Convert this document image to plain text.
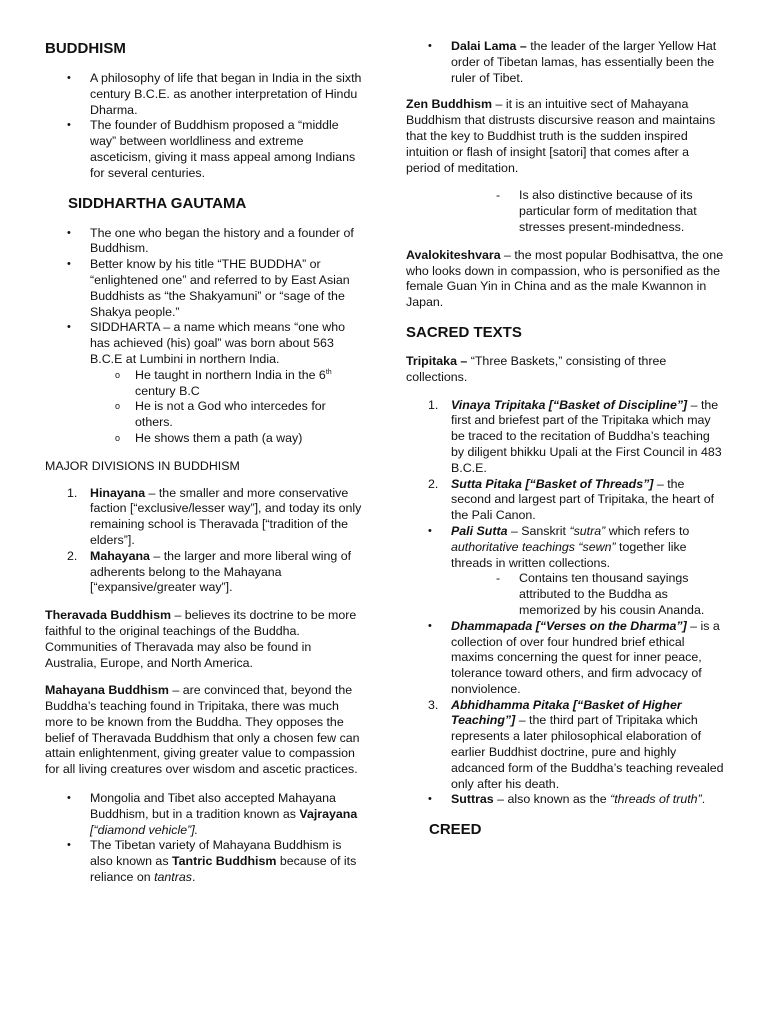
BUDDHISM
• A philosophy of life that began in India in the sixth century B.C.E. as another interpretation of Hindu Dharma.
• The founder of Buddhism proposed a “middle way” between worldliness and extreme asceticism, giving it mass appeal among Indians for several centuries.
SIDDHARTHA GAUTAMA
• The one who began the history and a founder of Buddhism.
• Better know by his title “THE BUDDHA” or “enlightened one” and referred to by East Asian Buddhists as “the Shakyamuni” or “sage of the Shakya people.”
• SIDDHARTA – a name which means “one who has achieved (his) goal” was born about 563 B.C.E at Lumbini in northern India.
o He taught in northern India in the 6th
century B.C
o He is not a God who intercedes for others.
o He shows them a path (a way)

MAJOR DIVISIONS IN BUDDHISM

1. Hinayana – the smaller and more conservative faction [“exclusive/lesser way”], and today its only remaining school is Theravada [“tradition of the elders”].
2. Mahayana – the larger and more liberal wing of adherents belong to the Mahayana [“expansive/greater way”].

Theravada Buddhism – believes its doctrine to be more faithful to the original teachings of the Buddha. Communities of Theravada may also be found in Australia, Europe, and North America.

Mahayana Buddhism – are convinced that, beyond the Buddha’s teaching found in Tripitaka, there was much more to be known from the Buddha. They opposes the belief of Theravada Buddhism that only a chosen few can attain enlightenment, giving greater value to compassion for all living creatures over wisdom and ascetic practices.

• Mongolia and Tibet also accepted Mahayana Buddhism, but in a tradition known as Vajrayana [“diamond vehicle”].
• The Tibetan variety of Mahayana Buddhism is also known as Tantric Buddhism because of its reliance on tantras.
• Dalai Lama – the leader of the larger Yellow Hat order of Tibetan lamas, has essentially been the ruler of Tibet.

Zen Buddhism – it is an intuitive sect of Mahayana Buddhism that distrusts discursive reason and maintains that the key to Buddhist truth is the sudden inspired intuition or flash of insight [satori] that comes after a period of meditation.

- Is also distinctive because of its particular form of meditation that stresses present-mindedness.

Avalokiteshvara – the most popular Bodhisattva, the one who looks down in compassion, who is personified as the female Guan Yin in China and as the male Kwannon in Japan.

SACRED TEXTS

Tripitaka – “Three Baskets,” consisting of three collections.

1. Vinaya Tripitaka [“Basket of Discipline”] – the first and briefest part of the Tripitaka which may be traced to the recitation of Buddha’s teaching by diligent bhikku Upali at the First Council in 483 B.C.E.
2. Sutta Pitaka [“Basket of Threads”] – the second and largest part of Tripitaka, the heart of the Pali Canon.
• Pali Sutta – Sanskrit “sutra” which refers to authoritative teachings “sewn” together like threads in written collections.

- Contains ten thousand sayings attributed to the Buddha as memorized by his cousin Ananda.

• Dhammapada [“Verses on the Dharma”] – is a collection of over four hundred brief ethical maxims concerning the quest for inner peace, tolerance toward others, and firm advocacy of nonviolence.
3. Abhidhamma Pitaka [“Basket of Higher Teaching”] – the third part of Tripitaka which represents a later philosophical elaboration of earlier Buddhist doctrine, pure and highly adcanced form of the Buddha’s teaching revealed only after his death.
• Suttras – also known as the “threads of truth”.
CREED
